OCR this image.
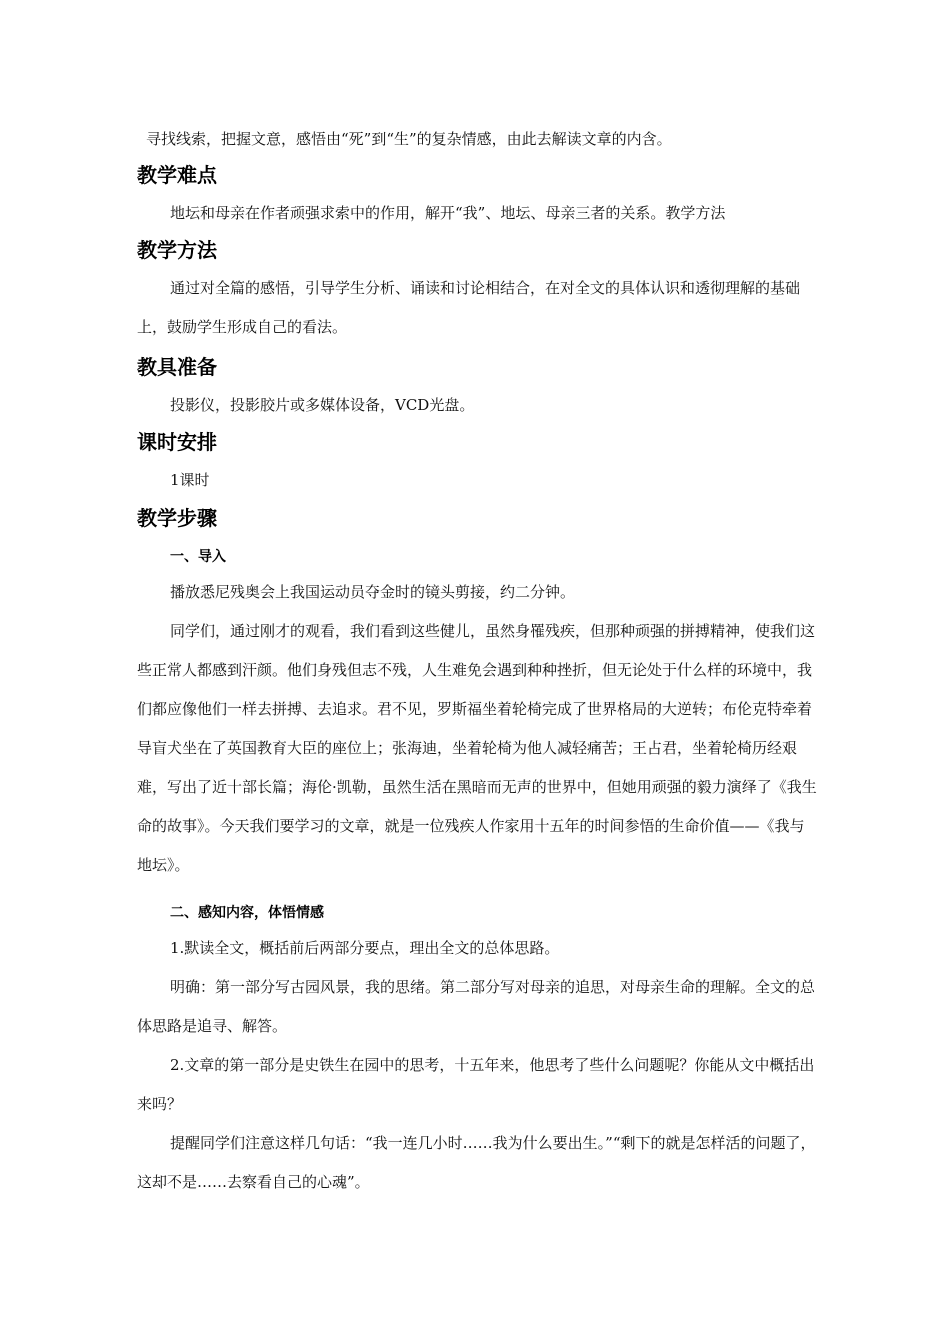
寻找线索，把握文意，感悟由“死”到“生”的复杂情感，由此去解读文章的内含。

教学难点

地坛和母亲在作者顽强求索中的作用，解开“我”、地坛、母亲三者的关系。教学方法

教学方法

通过对全篇的感悟，引导学生分析、诵读和讨论相结合，在对全文的具体认识和透彻理解的基础上，鼓励学生形成自己的看法。

教具准备

投影仪，投影胶片或多媒体设备，VCD光盘。

课时安排

1课时

教学步骤
一、导入

播放悉尼残奥会上我国运动员夺金时的镜头剪接，约二分钟。

同学们，通过刚才的观看，我们看到这些健儿，虽然身罹残疾，但那种顽强的拼搏精神，使我们这些正常人都感到汗颜。他们身残但志不残，人生难免会遇到种种挫折，但无论处于什么样的环境中，我们都应像他们一样去拼搏、去追求。君不见，罗斯福坐着轮椅完成了世界格局的大逆转；布伦克特牵着导盲犬坐在了英国教育大臣的座位上；张海迪，坐着轮椅为他人减轻痛苦；王占君，坐着轮椅历经艰难，写出了近十部长篇；海伦·凯勒，虽然生活在黑暗而无声的世界中，但她用顽强的毅力演绎了《我生命的故事》。今天我们要学习的文章，就是一位残疾人作家用十五年的时间参悟的生命价值——《我与地坛》。

二、感知内容，体悟情感

1.默读全文，概括前后两部分要点，理出全文的总体思路。

明确：第一部分写古园风景，我的思绪。第二部分写对母亲的追思，对母亲生命的理解。全文的总体思路是追寻、解答。

2.文章的第一部分是史铁生在园中的思考，十五年来，他思考了些什么问题呢？你能从文中概括出来吗？

提醒同学们注意这样几句话：“我一连几小时……我为什么要出生。”“剩下的就是怎样活的问题了，这却不是……去察看自己的心魂”。
